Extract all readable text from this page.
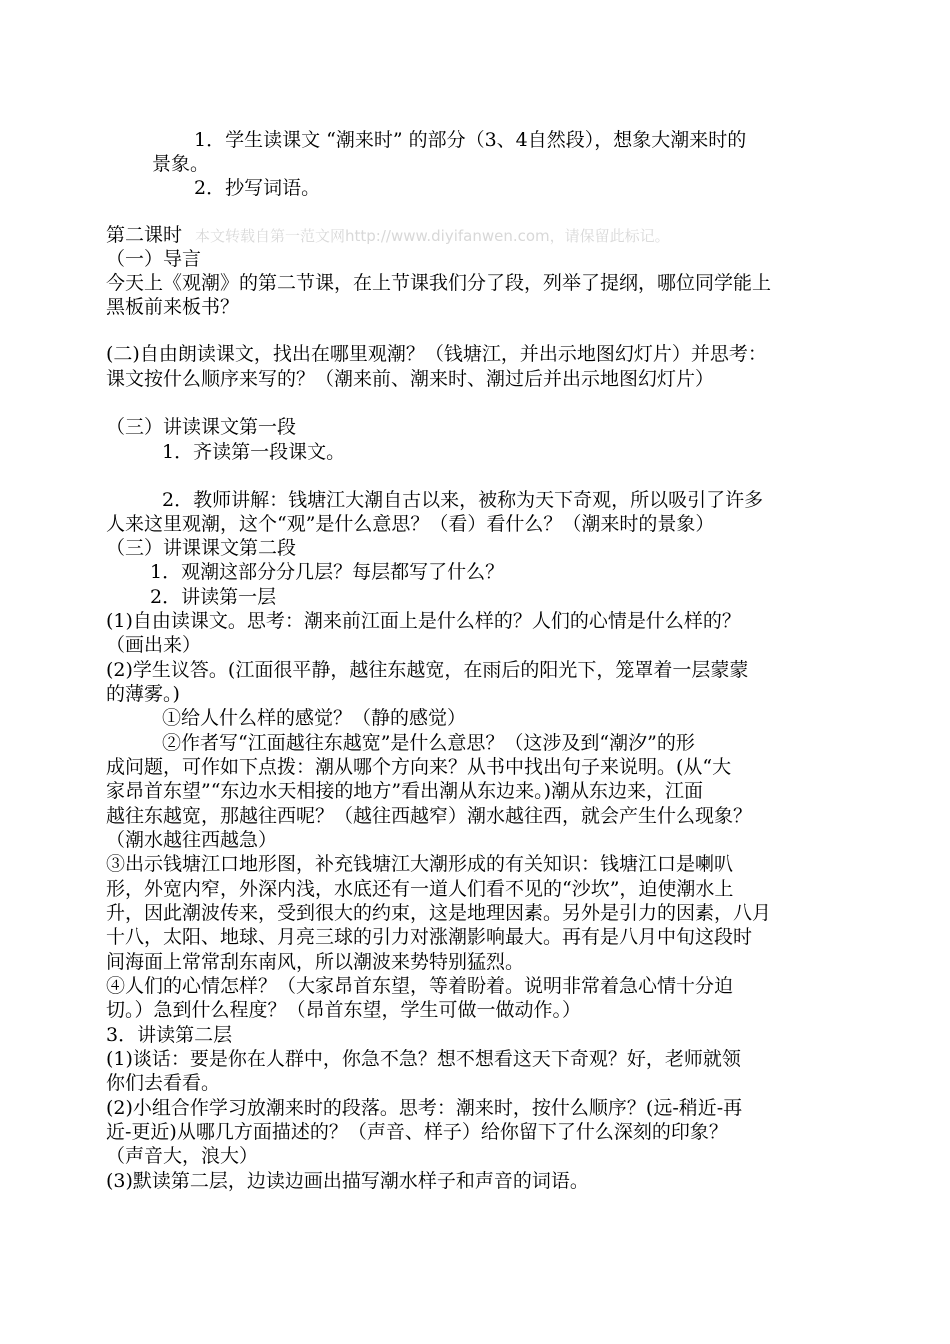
本文转载自第一范文网http://www.diyifanwen.com，请保留此标记。
1．学生读课文 “潮来时” 的部分（3、4自然段），想象大潮来时的
景象。
2．抄写词语。
第二课时
（一）导言
今天上《观潮》的第二节课，在上节课我们分了段，列举了提纲，哪位同学能上
黑板前来板书？
(二)自由朗读课文，找出在哪里观潮？（钱塘江，并出示地图幻灯片）并思考：
课文按什么顺序来写的？（潮来前、潮来时、潮过后并出示地图幻灯片）
（三）讲读课文第一段
1．齐读第一段课文。
2．教师讲解：钱塘江大潮自古以来，被称为天下奇观，所以吸引了许多
人来这里观潮，这个“观”是什么意思？（看）看什么？（潮来时的景象）
（三）讲课课文第二段
1．观潮这部分分几层？每层都写了什么？
2．讲读第一层
(1)自由读课文。思考：潮来前江面上是什么样的？人们的心情是什么样的？
（画出来）
(2)学生议答。(江面很平静，越往东越宽，在雨后的阳光下，笼罩着一层蒙蒙
的薄雾。)
①给人什么样的感觉？（静的感觉）
②作者写“江面越往东越宽”是什么意思？（这涉及到“潮汐”的形
成问题，可作如下点拨：潮从哪个方向来？从书中找出句子来说明。(从“大
家昂首东望”“东边水天相接的地方”看出潮从东边来。)潮从东边来，江面
越往东越宽，那越往西呢？（越往西越窄）潮水越往西，就会产生什么现象？
（潮水越往西越急）
③出示钱塘江口地形图，补充钱塘江大潮形成的有关知识：钱塘江口是喇叭
形，外宽内窄，外深内浅，水底还有一道人们看不见的“沙坎”，迫使潮水上
升，因此潮波传来，受到很大的约束，这是地理因素。另外是引力的因素，八月
十八，太阳、地球、月亮三球的引力对涨潮影响最大。再有是八月中旬这段时
间海面上常常刮东南风，所以潮波来势特别猛烈。
④人们的心情怎样？（大家昂首东望，等着盼着。说明非常着急心情十分迫
切。）急到什么程度？（昂首东望，学生可做一做动作。）
3．讲读第二层
(1)谈话：要是你在人群中，你急不急？想不想看这天下奇观？好，老师就领
你们去看看。
(2)小组合作学习放潮来时的段落。思考：潮来时，按什么顺序？(远-稍近-再
近-更近)从哪几方面描述的？（声音、样子）给你留下了什么深刻的印象？
（声音大，浪大）
(3)默读第二层，边读边画出描写潮水样子和声音的词语。
